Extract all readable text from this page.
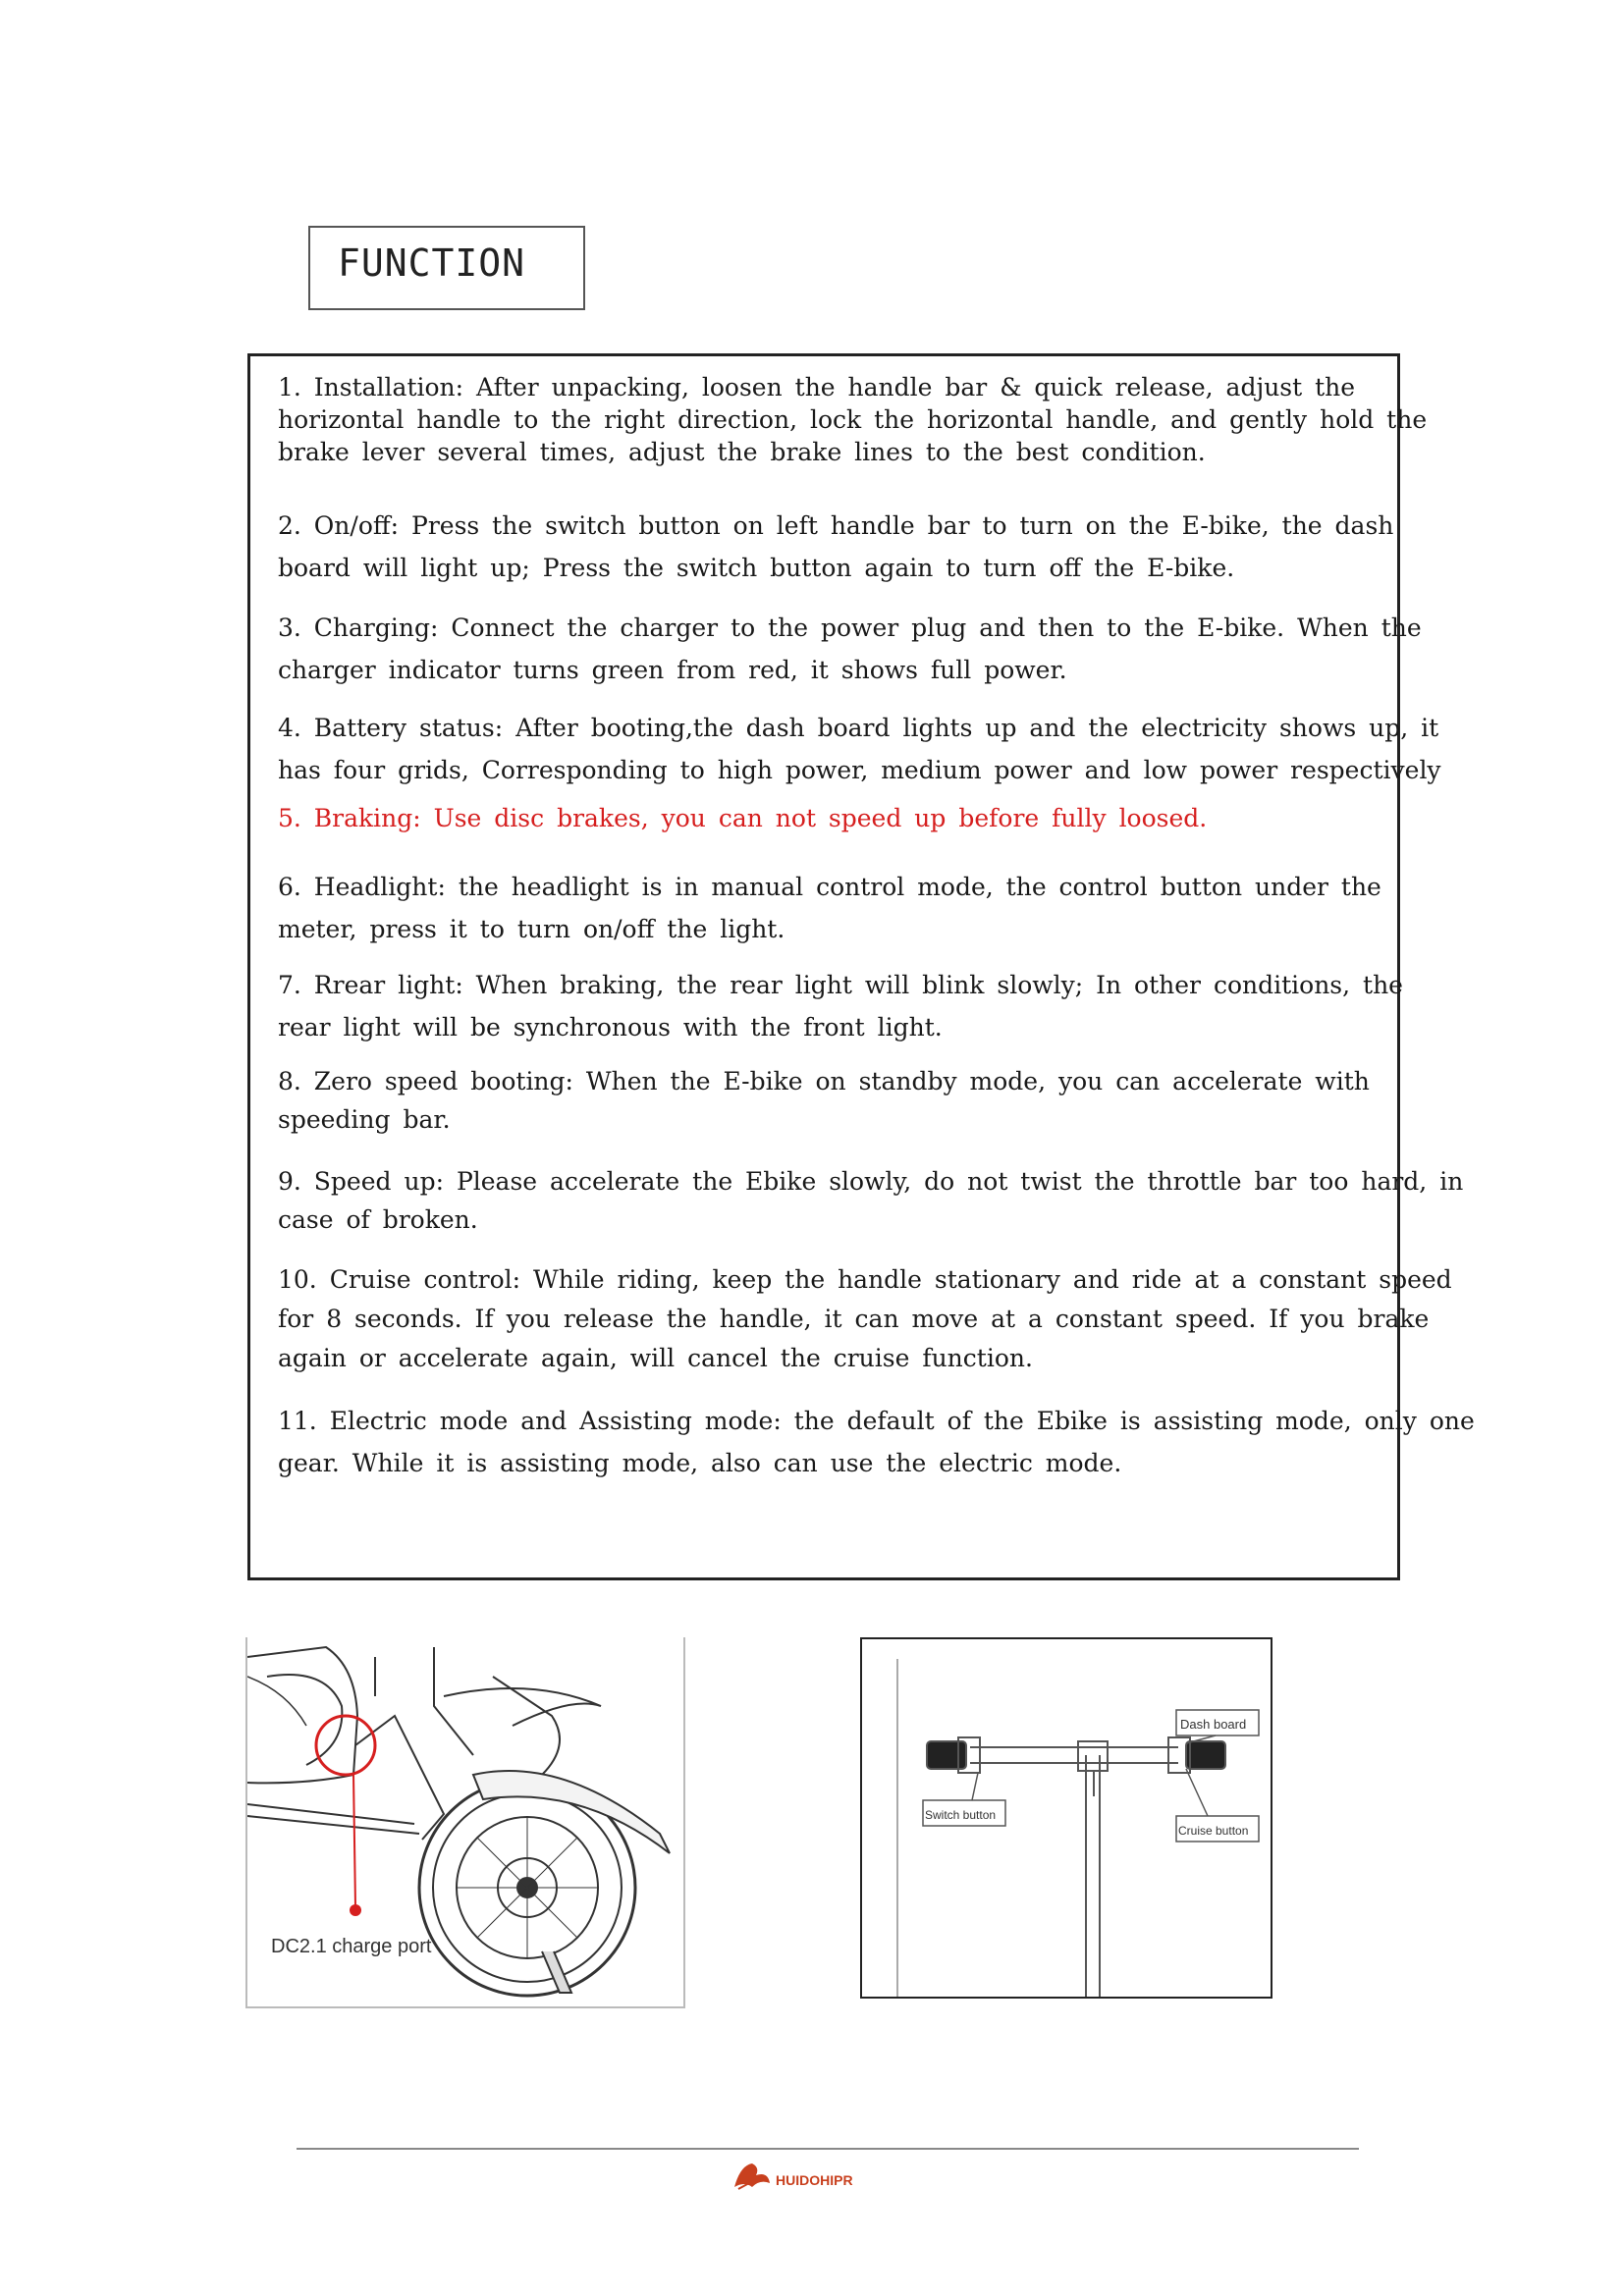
FUNCTION

1. Installation: After unpacking, loosen the handle bar & quick release, adjust the
horizontal handle to the right direction, lock the horizontal handle, and gently hold the
brake lever several times, adjust the brake lines to the best condition.

2. On/off: Press the switch button on left handle bar to turn on the E-bike, the dash
board will light up; Press the switch button again to turn off the E-bike.

3. Charging: Connect the charger to the power plug and then to the E-bike. When the
charger indicator turns green from red, it shows full power.

4. Battery status: After booting,the dash board lights up and the electricity shows up, it
has four grids, Corresponding to high power, medium power and low power respectively

5. Braking: Use disc brakes, you can not speed up before fully loosed.

6. Headlight: the headlight is in manual control mode, the control button under the
meter, press it to turn on/off the light.

7. Rrear light: When braking, the rear light will blink slowly; In other conditions, the
rear light will be synchronous with the front light.

8. Zero speed booting: When the E-bike on standby mode, you can accelerate with
speeding bar.

9. Speed up: Please accelerate the Ebike slowly, do not twist the throttle bar too hard, in
case of broken.

10. Cruise control: While riding, keep the handle stationary and ride at a constant speed
for 8 seconds. If you release the handle, it can move at a constant speed. If you brake
again or accelerate again, will cancel the cruise function.

11. Electric mode and Assisting mode: the default of the Ebike is assisting mode, only one
gear. While it is assisting mode, also can use the electric mode.

DC2.1 charge port
Dash board
Switch button
Cruise button
HUIDOHIPR
